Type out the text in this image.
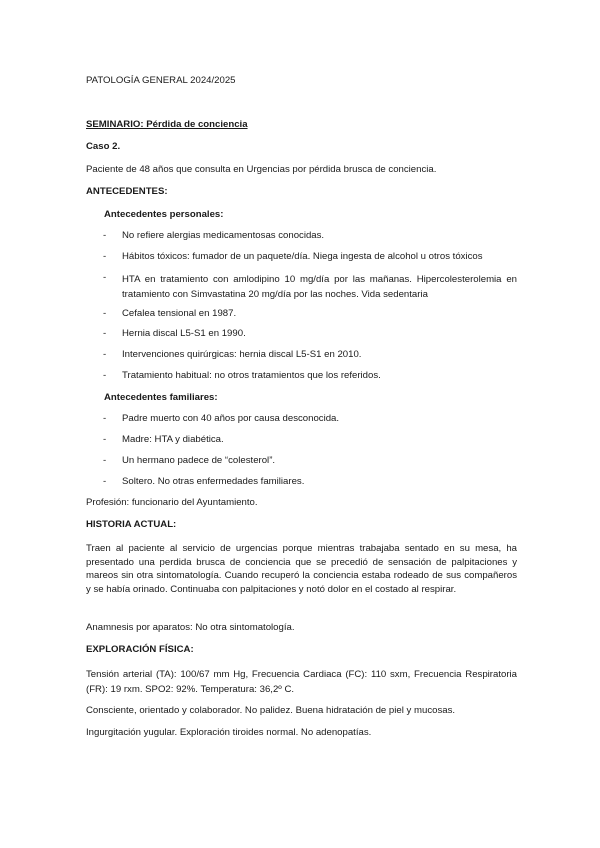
PATOLOGÍA GENERAL 2024/2025
SEMINARIO: Pérdida de conciencia
Caso 2.
Paciente de 48 años que consulta en Urgencias por pérdida brusca de conciencia.
ANTECEDENTES:
Antecedentes personales:
- No refiere alergias medicamentosas conocidas.
- Hábitos tóxicos: fumador de un paquete/día. Niega ingesta de alcohol u otros tóxicos
- HTA en tratamiento con amlodipino 10 mg/día por las mañanas. Hipercolesterolemia en tratamiento con Simvastatina 20 mg/día por las noches. Vida sedentaria
- Cefalea tensional en 1987.
- Hernia discal L5-S1 en 1990.
- Intervenciones quirúrgicas: hernia discal L5-S1 en 2010.
- Tratamiento habitual: no otros tratamientos que los referidos.
Antecedentes familiares:
- Padre muerto con 40 años por causa desconocida.
- Madre: HTA y diabética.
- Un hermano padece de “colesterol”.
- Soltero. No otras enfermedades familiares.
Profesión: funcionario del Ayuntamiento.
HISTORIA ACTUAL:
Traen al paciente al servicio de urgencias porque mientras trabajaba sentado en su mesa, ha presentado una perdida brusca de conciencia que se precedió de sensación de palpitaciones y mareos sin otra sintomatología. Cuando recuperó la conciencia estaba rodeado de sus compañeros y se había orinado. Continuaba con palpitaciones y notó dolor en el costado al respirar.
Anamnesis por aparatos: No otra sintomatología.
EXPLORACIÓN FÍSICA:
Tensión arterial (TA): 100/67 mm Hg, Frecuencia Cardiaca (FC): 110 sxm, Frecuencia Respiratoria (FR): 19 rxm. SPO2: 92%. Temperatura: 36,2º C.
Consciente, orientado y colaborador. No palidez. Buena hidratación de piel y mucosas.
Ingurgitación yugular. Exploración tiroides normal. No adenopatías.
